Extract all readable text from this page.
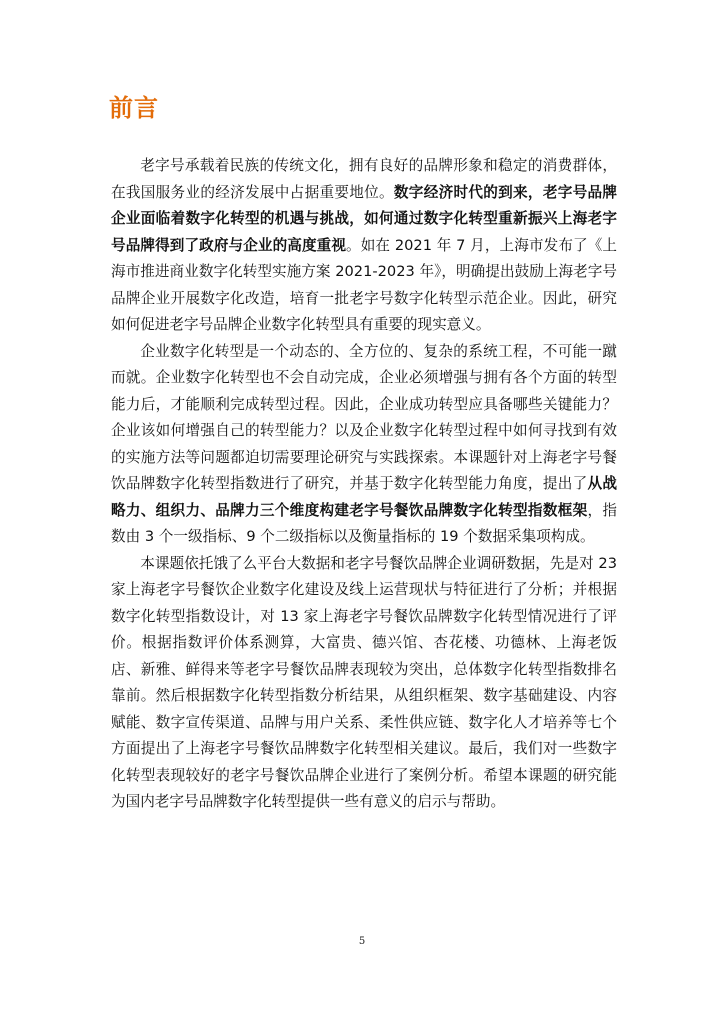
前言

老字号承载着民族的传统文化，拥有良好的品牌形象和稳定的消费群体，在我国服务业的经济发展中占据重要地位。数字经济时代的到来，老字号品牌企业面临着数字化转型的机遇与挑战，如何通过数字化转型重新振兴上海老字号品牌得到了政府与企业的高度重视。如在 2021 年 7 月，上海市发布了《上海市推进商业数字化转型实施方案 2021-2023 年》，明确提出鼓励上海老字号品牌企业开展数字化改造，培育一批老字号数字化转型示范企业。因此，研究如何促进老字号品牌企业数字化转型具有重要的现实意义。

企业数字化转型是一个动态的、全方位的、复杂的系统工程，不可能一蹴而就。企业数字化转型也不会自动完成，企业必须增强与拥有各个方面的转型能力后，才能顺利完成转型过程。因此，企业成功转型应具备哪些关键能力？企业该如何增强自己的转型能力？以及企业数字化转型过程中如何寻找到有效的实施方法等问题都迫切需要理论研究与实践探索。本课题针对上海老字号餐饮品牌数字化转型指数进行了研究，并基于数字化转型能力角度，提出了从战略力、组织力、品牌力三个维度构建老字号餐饮品牌数字化转型指数框架，指数由 3 个一级指标、9 个二级指标以及衡量指标的 19 个数据采集项构成。

本课题依托饿了么平台大数据和老字号餐饮品牌企业调研数据，先是对 23 家上海老字号餐饮企业数字化建设及线上运营现状与特征进行了分析；并根据数字化转型指数设计，对 13 家上海老字号餐饮品牌数字化转型情况进行了评价。根据指数评价体系测算，大富贵、德兴馆、杏花楼、功德林、上海老饭店、新雅、鲜得来等老字号餐饮品牌表现较为突出，总体数字化转型指数排名靠前。然后根据数字化转型指数分析结果，从组织框架、数字基础建设、内容赋能、数字宣传渠道、品牌与用户关系、柔性供应链、数字化人才培养等七个方面提出了上海老字号餐饮品牌数字化转型相关建议。最后，我们对一些数字化转型表现较好的老字号餐饮品牌企业进行了案例分析。希望本课题的研究能为国内老字号品牌数字化转型提供一些有意义的启示与帮助。

5
